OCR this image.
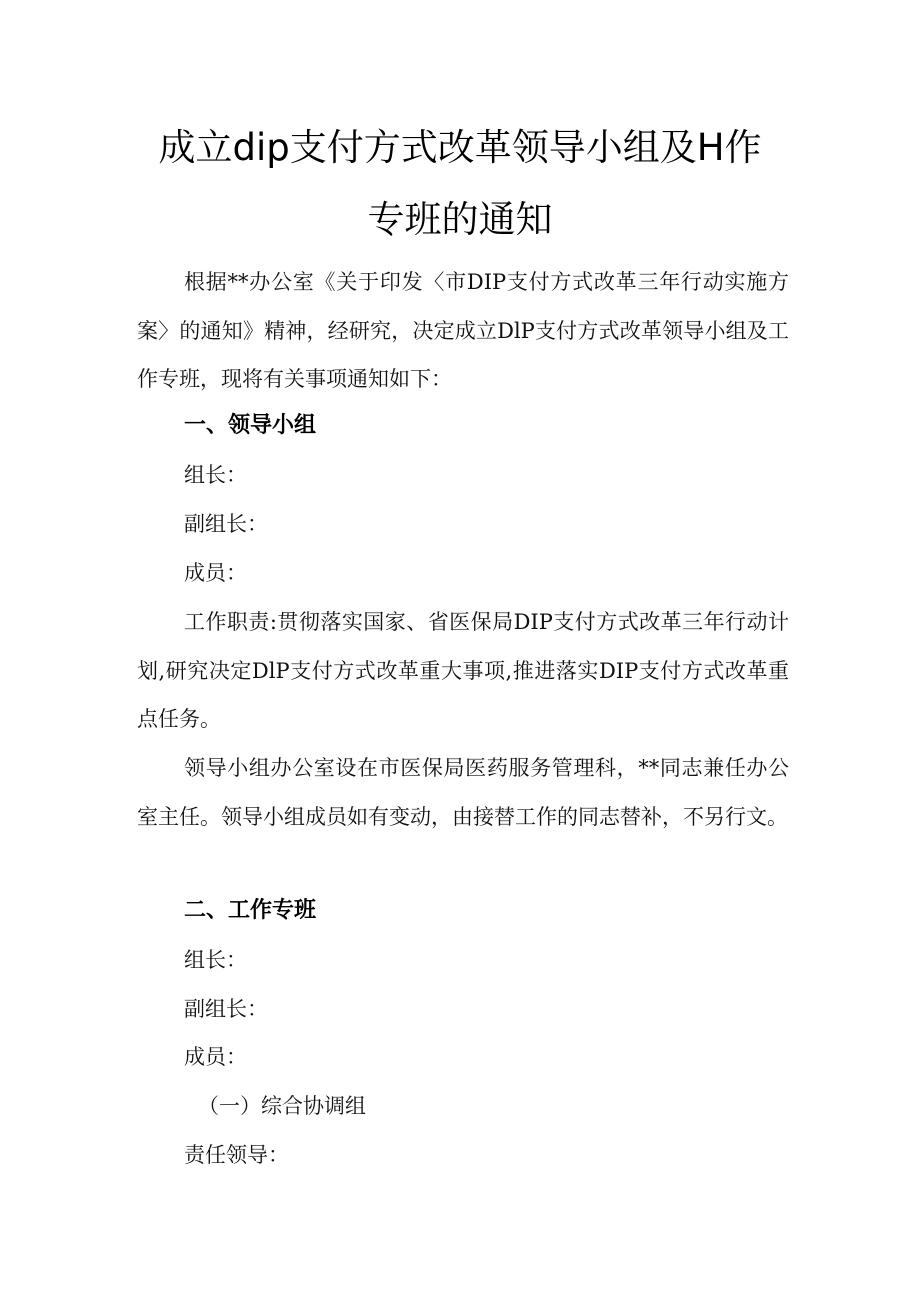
成立dip支付方式改革领导小组及H作
专班的通知
根据**办公室《关于印发〈市DIP支付方式改革三年行动实施方案〉的通知》精神，经研究，决定成立DlP支付方式改革领导小组及工作专班，现将有关事项通知如下：
一、领导小组
组长：
副组长：
成员：
工作职责:贯彻落实国家、省医保局DIP支付方式改革三年行动计划,研究决定DlP支付方式改革重大事项,推进落实DIP支付方式改革重点任务。
领导小组办公室设在市医保局医药服务管理科，**同志兼任办公室主任。领导小组成员如有变动，由接替工作的同志替补，不另行文。
二、工作专班
组长：
副组长：
成员：
（一）综合协调组
责任领导：
